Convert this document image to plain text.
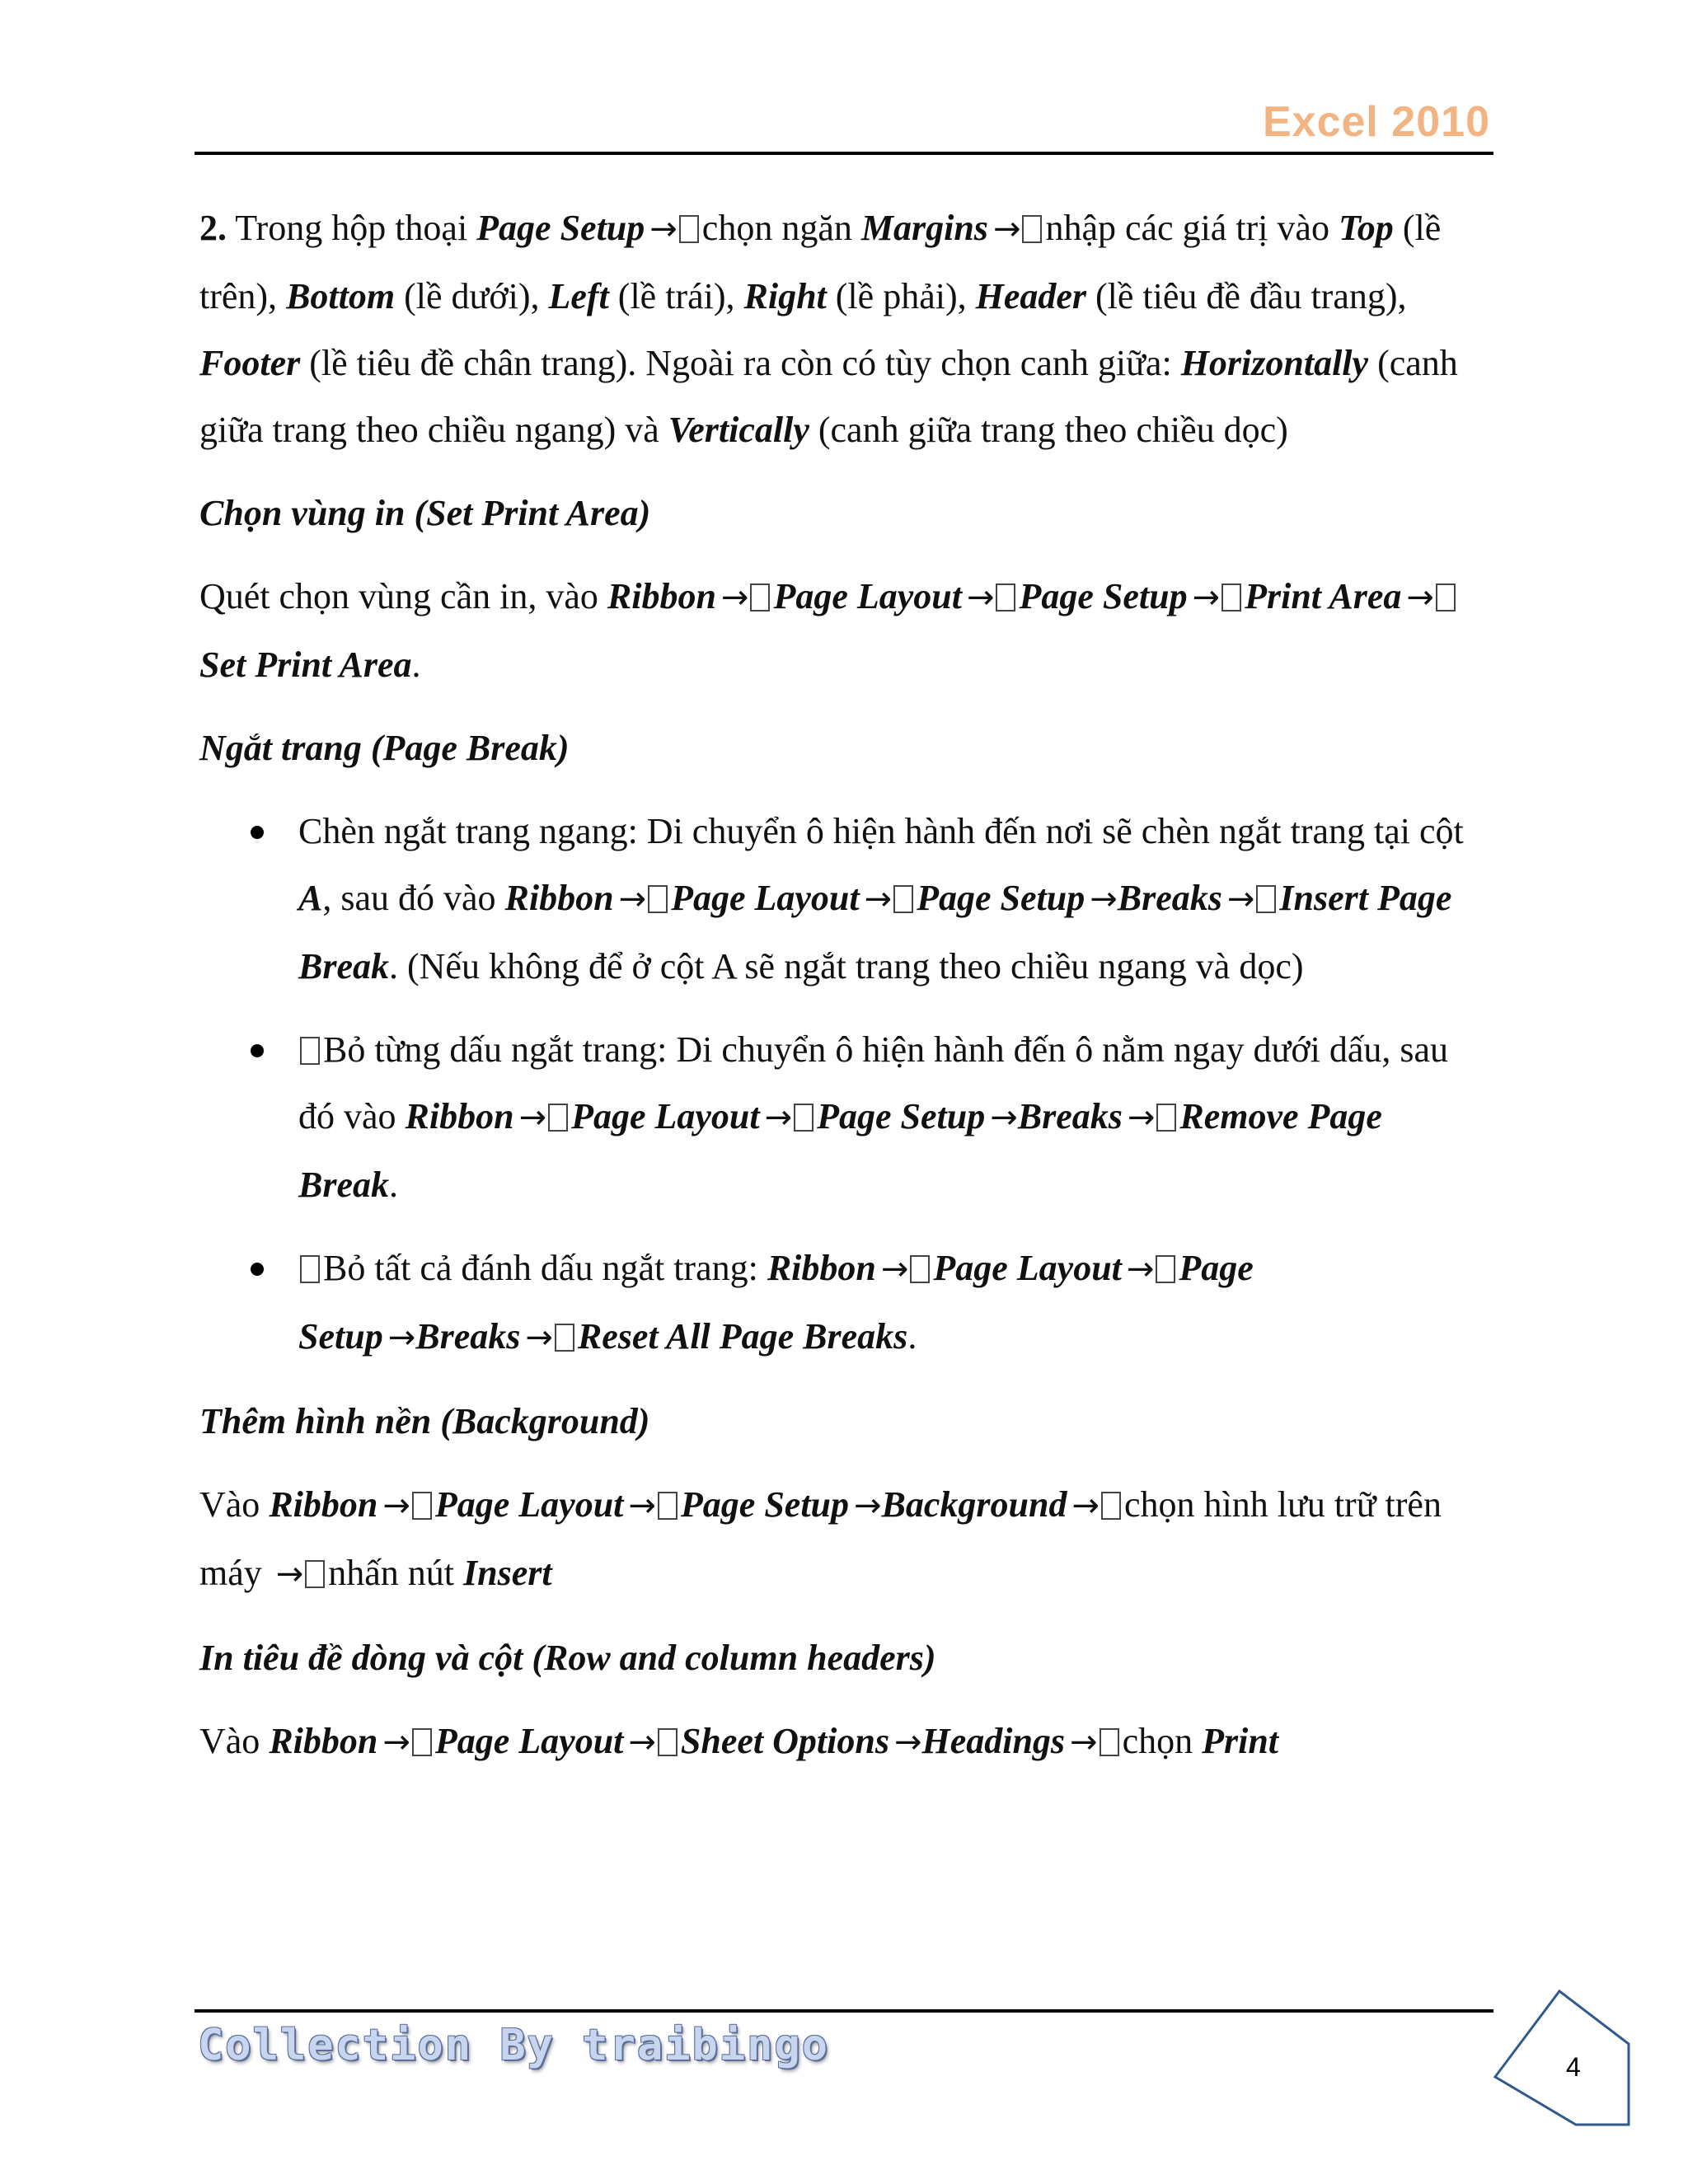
Excel 2010

2. Trong hộp thoại Page Setup → chọn ngăn Margins → nhập các giá trị vào Top (lề trên), Bottom (lề dưới), Left (lề trái), Right (lề phải), Header (lề tiêu đề đầu trang), Footer (lề tiêu đề chân trang). Ngoài ra còn có tùy chọn canh giữa: Horizontally (canh giữa trang theo chiều ngang) và Vertically (canh giữa trang theo chiều dọc)

Chọn vùng in (Set Print Area)

Quét chọn vùng cần in, vào Ribbon → Page Layout → Page Setup → Print Area →Set Print Area.

Ngắt trang (Page Break)

Chèn ngắt trang ngang: Di chuyển ô hiện hành đến nơi sẽ chèn ngắt trang tại cột A, sau đó vào Ribbon → Page Layout → Page Setup →Breaks → Insert Page Break. (Nếu không để ở cột A sẽ ngắt trang theo chiều ngang và dọc)
Bỏ từng dấu ngắt trang: Di chuyển ô hiện hành đến ô nằm ngay dưới dấu, sau đó vào Ribbon → Page Layout → Page Setup →Breaks → Remove Page Break.
Bỏ tất cả đánh dấu ngắt trang: Ribbon → Page Layout → Page Setup →Breaks → Reset All Page Breaks.

Thêm hình nền (Background)

Vào Ribbon → Page Layout → Page Setup →Background → chọn hình lưu trữ trên máy → nhấn nút Insert

In tiêu đề dòng và cột (Row and column headers)

Vào Ribbon → Page Layout → Sheet Options →Headings → chọn Print

Collection By traibingo	4
